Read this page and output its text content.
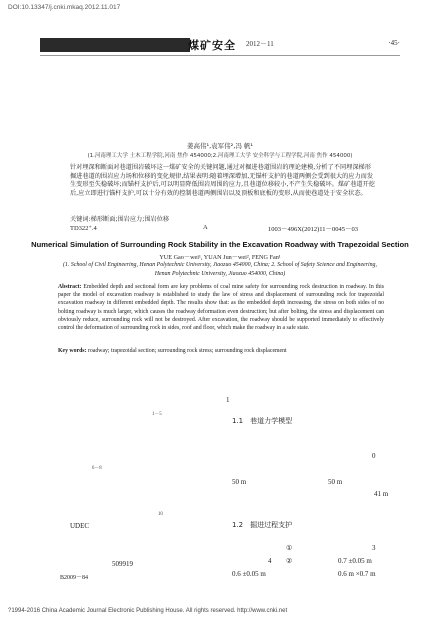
DOI:10.13347/j.cnki.mkaq.2012.11.017
煤矿安全 2012－11	·45·
姜高伟¹,袁军伟²,冯 帆¹
(1.河南理工大学 土木工程学院,河南 焦作 454000;2.河南理工大学 安全科学与工程学院,河南 焦作 454000)
针对埋深和断面对巷道围岩破坏这一煤矿安全的关键问题,通过对掘进巷道围岩的理论建模,分析了不同埋深梯形掘进巷道的围岩应力场和位移的变化规律,结果表明:随着埋深增加,无锚杆支护的巷道两侧会受到很大的应力而发生变形至失稳破坏;而锚杆支护后,可以明显降低围岩周围的应力,且巷道位移较小,不产生失稳破坏。煤矿巷道开挖后,应立即进行锚杆支护,可以十分有效的控制巷道两侧围岩以及顶板和底板的变形,从而使巷道处于安全状态。
关键词:梯形断面;围岩应力;围岩位移
TD322⁺.4	A	1003－496X(2012)11－0045－03
Numerical Simulation of Surrounding Rock Stability in the Excavation Roadway with Trapezoidal Section
YUE Gao－wei¹, YUAN Jun－wei², FENG Fan¹
(1. School of Civil Engineering, Henan Polytechnic University, Jiaozuo 454000, China; 2. School of Safety Science and Engineering,
Henan Polytechnic University, Jiaozuo 454000, China)
Abstract: Embedded depth and sectional form are key problems of coal mine safety for surrounding rock destruction in roadway. In this paper the model of excavation roadway is established to study the law of stress and displacement of surrounding rock for trapezoidal excavation roadway in different embedded depth. The results show that: as the embedded depth increasing, the stress on both sides of no bolting roadway is much larger, which causes the roadway deformation even destruction; but after bolting, the stress and displacement can obviously reduce, surrounding rock will not be destroyed. After excavation, the roadway should be supported immediately to effectively control the deformation of surrounding rock in sides, roof and floor, which make the roadway in a safe state.
Key words: roadway; trapezoidal section; surrounding rock stress; surrounding rock displacement
1
1－5
1.1　巷道力学模型
6－8
0
50 m	50 m
41 m
10
UDEC	1.2　掘进过程支护
①	3
4 ②	0.7 ±0.05 m
509919
0.6 ±0.05 m	0.6 m ×0.7 m
B2009－84
?1994-2016 China Academic Journal Electronic Publishing House. All rights reserved. http://www.cnki.net
